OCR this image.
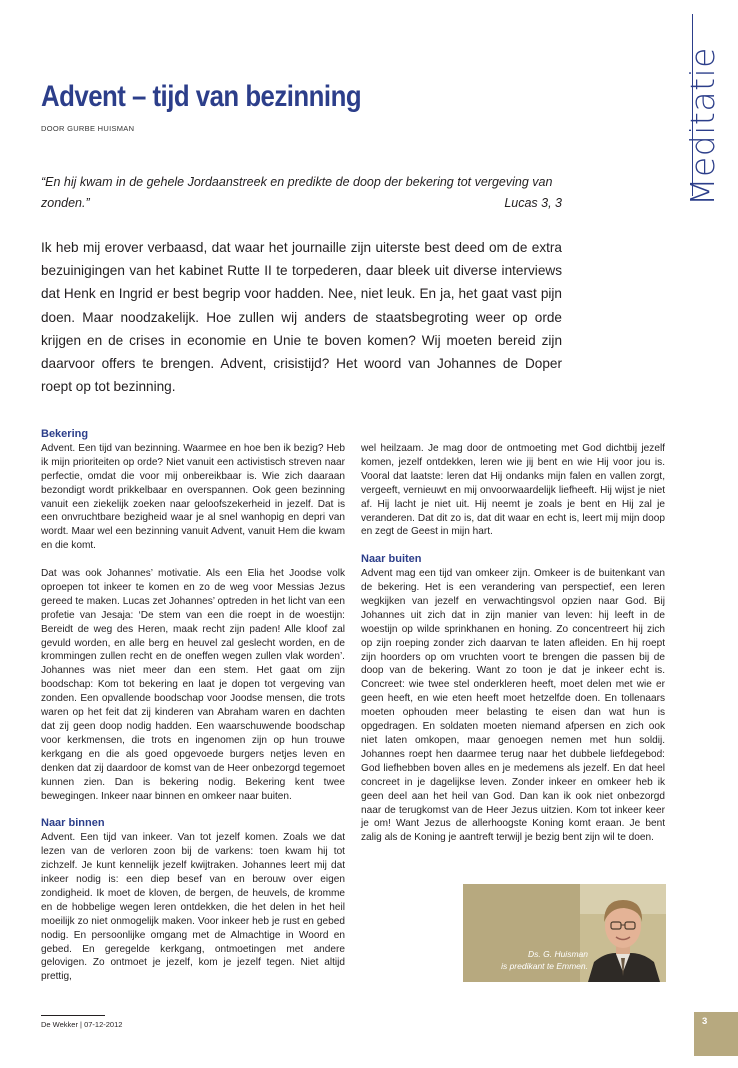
Meditatie
Advent – tijd van bezinning
DOOR GURBE HUISMAN
“En hij kwam in de gehele Jordaanstreek en predikte de doop der bekering tot vergeving van zonden.”	Lucas 3, 3
Ik heb mij erover verbaasd, dat waar het journaille zijn uiterste best deed om de extra bezuinigingen van het kabinet Rutte II te torpederen, daar bleek uit diverse interviews dat Henk en Ingrid er best begrip voor hadden. Nee, niet leuk. En ja, het gaat vast pijn doen. Maar noodzakelijk. Hoe zullen wij anders de staatsbegroting weer op orde krijgen en de crises in economie en Unie te boven komen? Wij moeten bereid zijn daarvoor offers te brengen. Advent, crisistijd? Het woord van Johannes de Doper roept op tot bezinning.
Bekering

Advent. Een tijd van bezinning. Waarmee en hoe ben ik bezig? Heb ik mijn prioriteiten op orde? Niet vanuit een activistisch streven naar perfectie, omdat die voor mij onbereikbaar is. Wie zich daaraan bezondigt wordt prikkelbaar en overspannen. Ook geen bezinning vanuit een ziekelijk zoeken naar geloofszekerheid in jezelf. Dat is een onvruchtbare bezigheid waar je al snel wanhopig en depri van wordt. Maar wel een bezinning vanuit Advent, vanuit Hem die kwam en die komt.

Dat was ook Johannes’ motivatie. Als een Elia het Joodse volk oproepen tot inkeer te komen en zo de weg voor Messias Jezus gereed te maken. Lucas zet Johannes’ optreden in het licht van een profetie van Jesaja: ‘De stem van een die roept in de woestijn: Bereidt de weg des Heren, maak recht zijn paden! Alle kloof zal gevuld worden, en alle berg en heuvel zal geslecht worden, en de krommingen zullen recht en de oneffen wegen zullen vlak worden’. Johannes was niet meer dan een stem. Het gaat om zijn boodschap: Kom tot bekering en laat je dopen tot vergeving van zonden. Een opvallende boodschap voor Joodse mensen, die trots waren op het feit dat zij kinderen van Abraham waren en dachten dat zij geen doop nodig hadden. Een waarschuwende boodschap voor kerkmensen, die trots en ingenomen zijn op hun trouwe kerkgang en die als goed opgevoede burgers netjes leven en denken dat zij daardoor de komst van de Heer onbezorgd tegemoet kunnen zien. Dan is bekering nodig. Bekering kent twee bewegingen. Inkeer naar binnen en omkeer naar buiten.

Naar binnen

Advent. Een tijd van inkeer. Van tot jezelf komen. Zoals we dat lezen van de verloren zoon bij de varkens: toen kwam hij tot zichzelf. Je kunt kennelijk jezelf kwijtraken. Johannes leert mij dat inkeer nodig is: een diep besef van en berouw over eigen zondigheid. Ik moet de kloven, de bergen, de heuvels, de kromme en de hobbelige wegen leren ontdekken, die het delen in het heil moeilijk zo niet onmogelijk maken. Voor inkeer heb je rust en gebed nodig. En persoonlijke omgang met de Almachtige in Woord en gebed. En geregelde kerkgang, ontmoetingen met andere gelovigen. Zo ontmoet je jezelf, kom je jezelf tegen. Niet altijd prettig,

wel heilzaam. Je mag door de ontmoeting met God dichtbij jezelf komen, jezelf ontdekken, leren wie jij bent en wie Hij voor jou is. Vooral dat laatste: leren dat Hij ondanks mijn falen en vallen zorgt, vergeeft, vernieuwt en mij onvoorwaardelijk liefheeft. Hij wijst je niet af. Hij lacht je niet uit. Hij neemt je zoals je bent en Hij zal je veranderen. Dat dit zo is, dat dit waar en echt is, leert mij mijn doop en zegt de Geest in mijn hart.

Naar buiten

Advent mag een tijd van omkeer zijn. Omkeer is de buitenkant van de bekering. Het is een verandering van perspectief, een leren wegkijken van jezelf en verwachtingsvol opzien naar God. Bij Johannes uit zich dat in zijn manier van leven: hij leeft in de woestijn op wilde sprinkhanen en honing. Zo concentreert hij zich op zijn roeping zonder zich daarvan te laten afleiden. En hij roept zijn hoorders op om vruchten voort te brengen die passen bij de doop van de bekering. Want zo toon je dat je inkeer echt is. Concreet: wie twee stel onderkleren heeft, moet delen met wie er geen heeft, en wie eten heeft moet hetzelfde doen. En tollenaars moeten ophouden meer belasting te eisen dan wat hun is opgedragen. En soldaten moeten niemand afpersen en zich ook niet laten omkopen, maar genoegen nemen met hun soldij. Johannes roept hen daarmee terug naar het dubbele liefdegebod: God liefhebben boven alles en je medemens als jezelf. En dat heel concreet in je dagelijkse leven. Zonder inkeer en omkeer heb ik geen deel aan het heil van God. Dan kan ik ook niet onbezorgd naar de terugkomst van de Heer Jezus uitzien. Kom tot inkeer keer je om! Want Jezus de allerhoogste Koning komt eraan. Je bent zalig als de Koning je aantreft terwijl je bezig bent zijn wil te doen.

Ds. G. Huisman
is predikant te Emmen.
De Wekker | 07-12-2012	3
